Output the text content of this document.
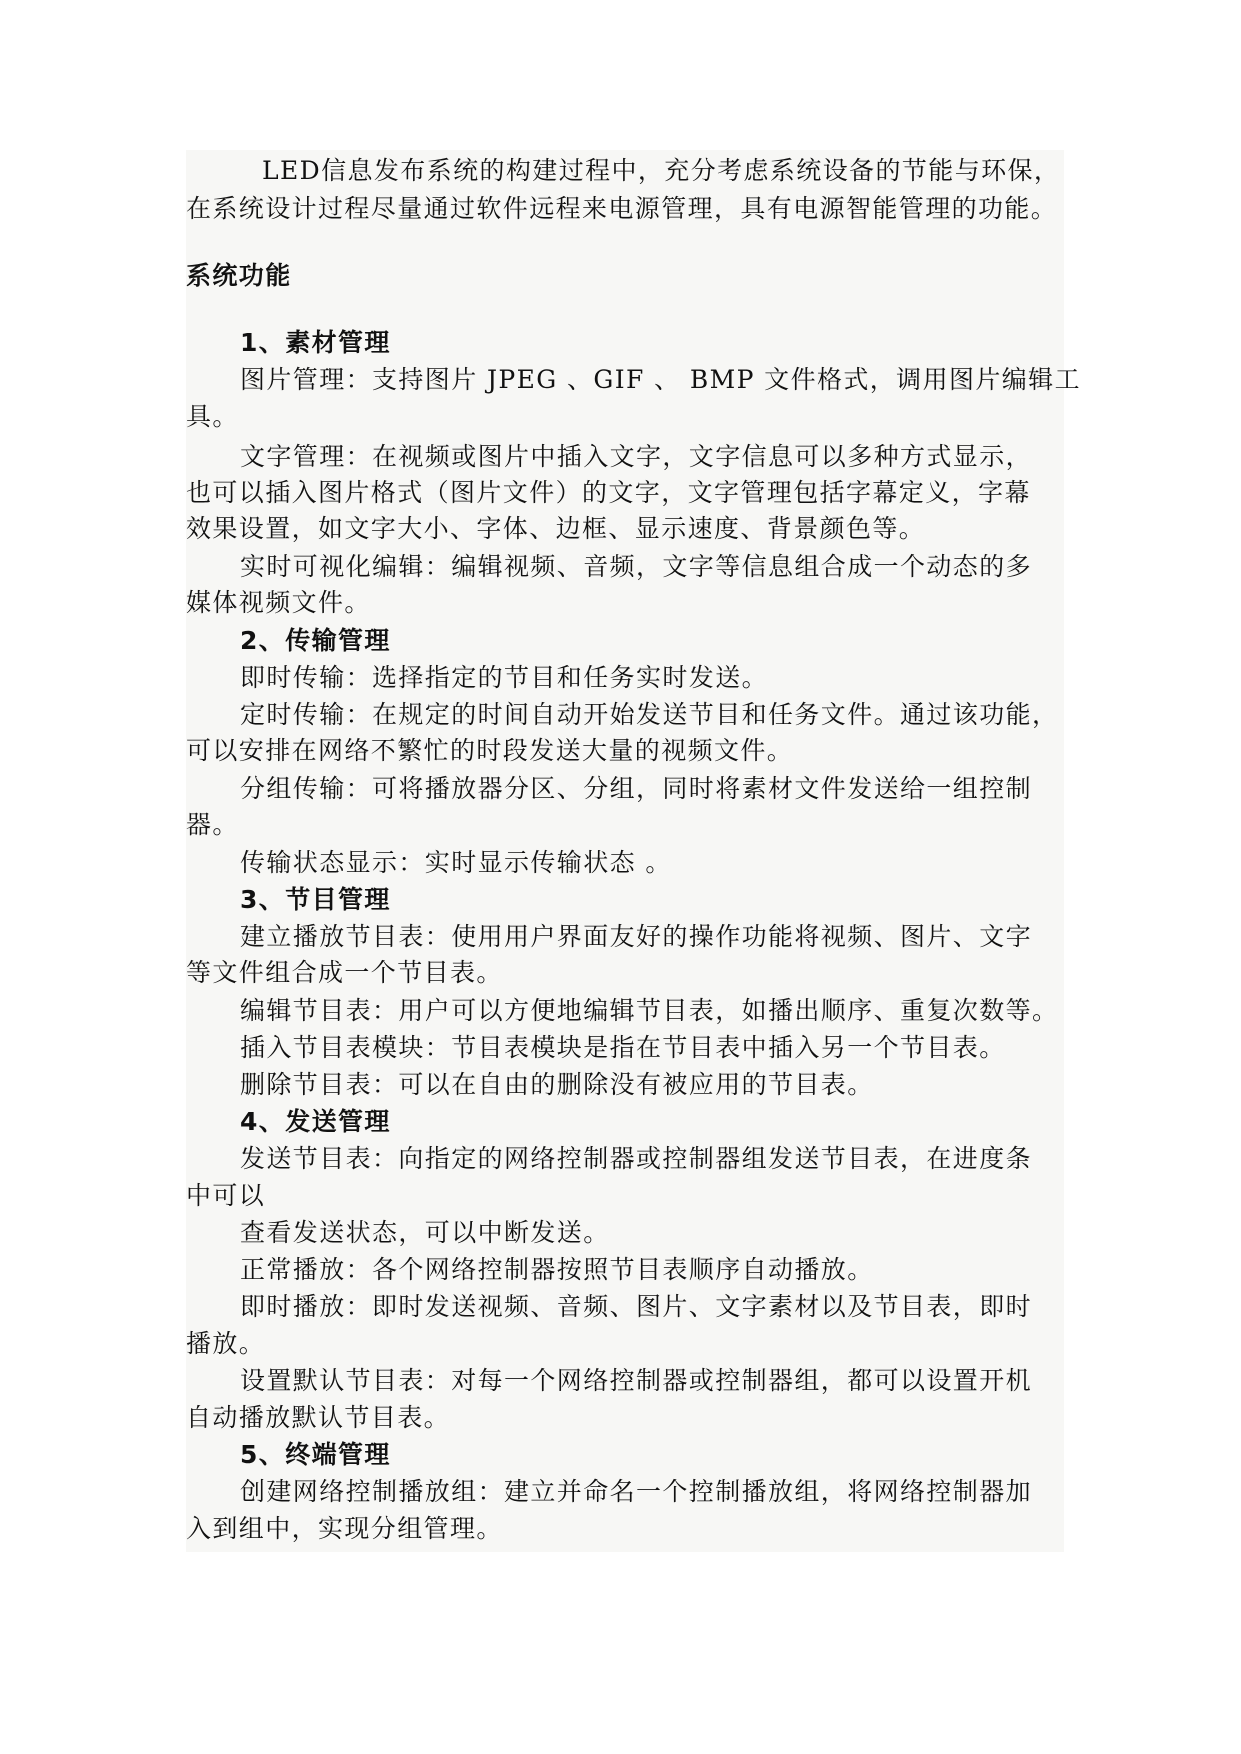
LED信息发布系统的构建过程中，充分考虑系统设备的节能与环保，
在系统设计过程尽量通过软件远程来电源管理，具有电源智能管理的功能。
系统功能
1、素材管理
图片管理：支持图片 JPEG 、GIF 、 BMP 文件格式，调用图片编辑工
具。
文字管理：在视频或图片中插入文字，文字信息可以多种方式显示，
也可以插入图片格式（图片文件）的文字，文字管理包括字幕定义，字幕
效果设置，如文字大小、字体、边框、显示速度、背景颜色等。
实时可视化编辑：编辑视频、音频，文字等信息组合成一个动态的多
媒体视频文件。
2、传输管理
即时传输：选择指定的节目和任务实时发送。
定时传输：在规定的时间自动开始发送节目和任务文件。通过该功能，
可以安排在网络不繁忙的时段发送大量的视频文件。
分组传输：可将播放器分区、分组，同时将素材文件发送给一组控制
器。
传输状态显示：实时显示传输状态 。
3、节目管理
建立播放节目表：使用用户界面友好的操作功能将视频、图片、文字
等文件组合成一个节目表。
编辑节目表：用户可以方便地编辑节目表，如播出顺序、重复次数等。
插入节目表模块：节目表模块是指在节目表中插入另一个节目表。
删除节目表：可以在自由的删除没有被应用的节目表。
4、发送管理
发送节目表：向指定的网络控制器或控制器组发送节目表，在进度条
中可以
查看发送状态，可以中断发送。
正常播放：各个网络控制器按照节目表顺序自动播放。
即时播放：即时发送视频、音频、图片、文字素材以及节目表，即时
播放。
设置默认节目表：对每一个网络控制器或控制器组，都可以设置开机
自动播放默认节目表。
5、终端管理
创建网络控制播放组：建立并命名一个控制播放组，将网络控制器加
入到组中，实现分组管理。
